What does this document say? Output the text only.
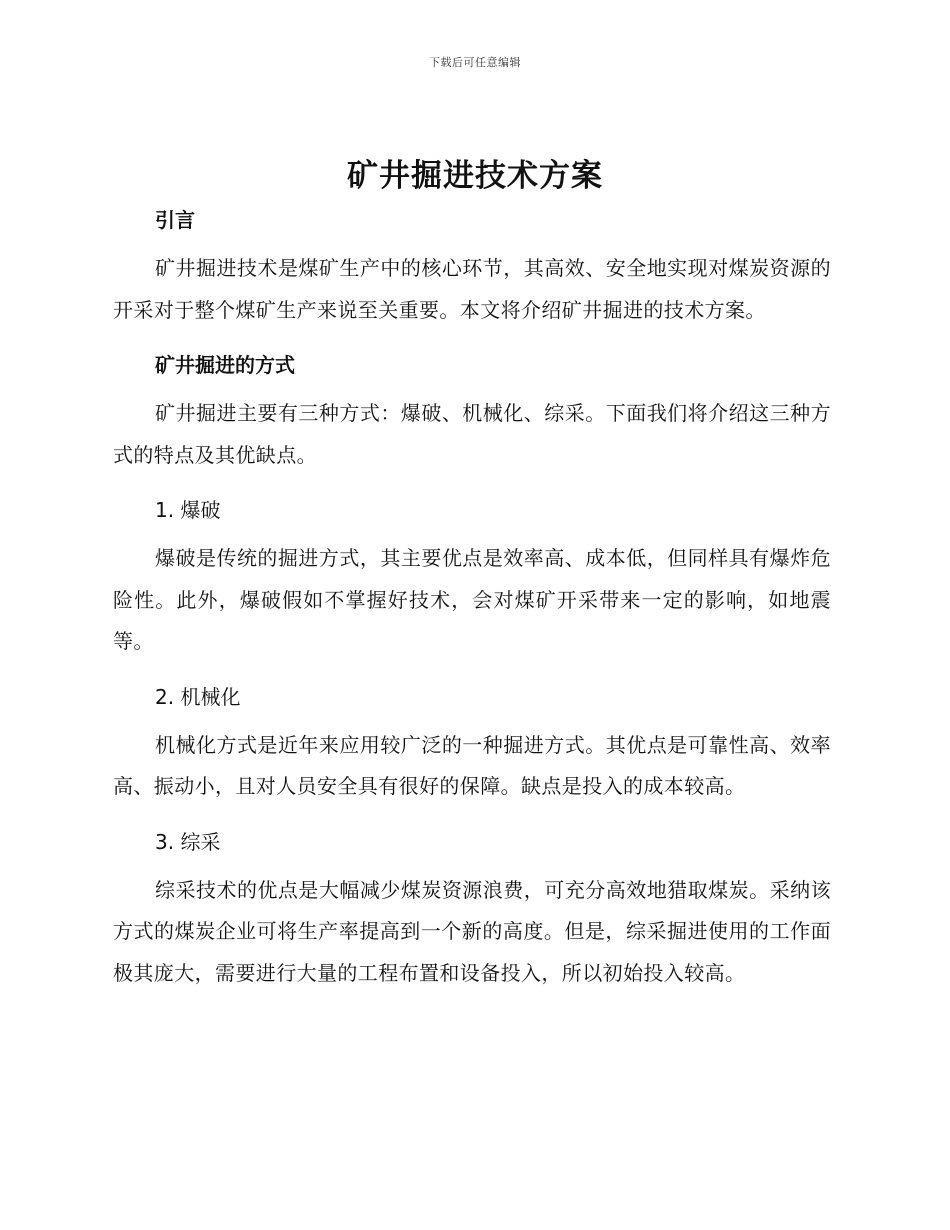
下载后可任意编辑
矿井掘进技术方案
引言

矿井掘进技术是煤矿生产中的核心环节，其高效、安全地实现对煤炭资源的开采对于整个煤矿生产来说至关重要。本文将介绍矿井掘进的技术方案。

矿井掘进的方式

矿井掘进主要有三种方式：爆破、机械化、综采。下面我们将介绍这三种方式的特点及其优缺点。

1. 爆破

爆破是传统的掘进方式，其主要优点是效率高、成本低，但同样具有爆炸危险性。此外，爆破假如不掌握好技术，会对煤矿开采带来一定的影响，如地震等。

2. 机械化

机械化方式是近年来应用较广泛的一种掘进方式。其优点是可靠性高、效率高、振动小，且对人员安全具有很好的保障。缺点是投入的成本较高。

3. 综采

综采技术的优点是大幅减少煤炭资源浪费，可充分高效地猎取煤炭。采纳该方式的煤炭企业可将生产率提高到一个新的高度。但是，综采掘进使用的工作面极其庞大，需要进行大量的工程布置和设备投入，所以初始投入较高。
